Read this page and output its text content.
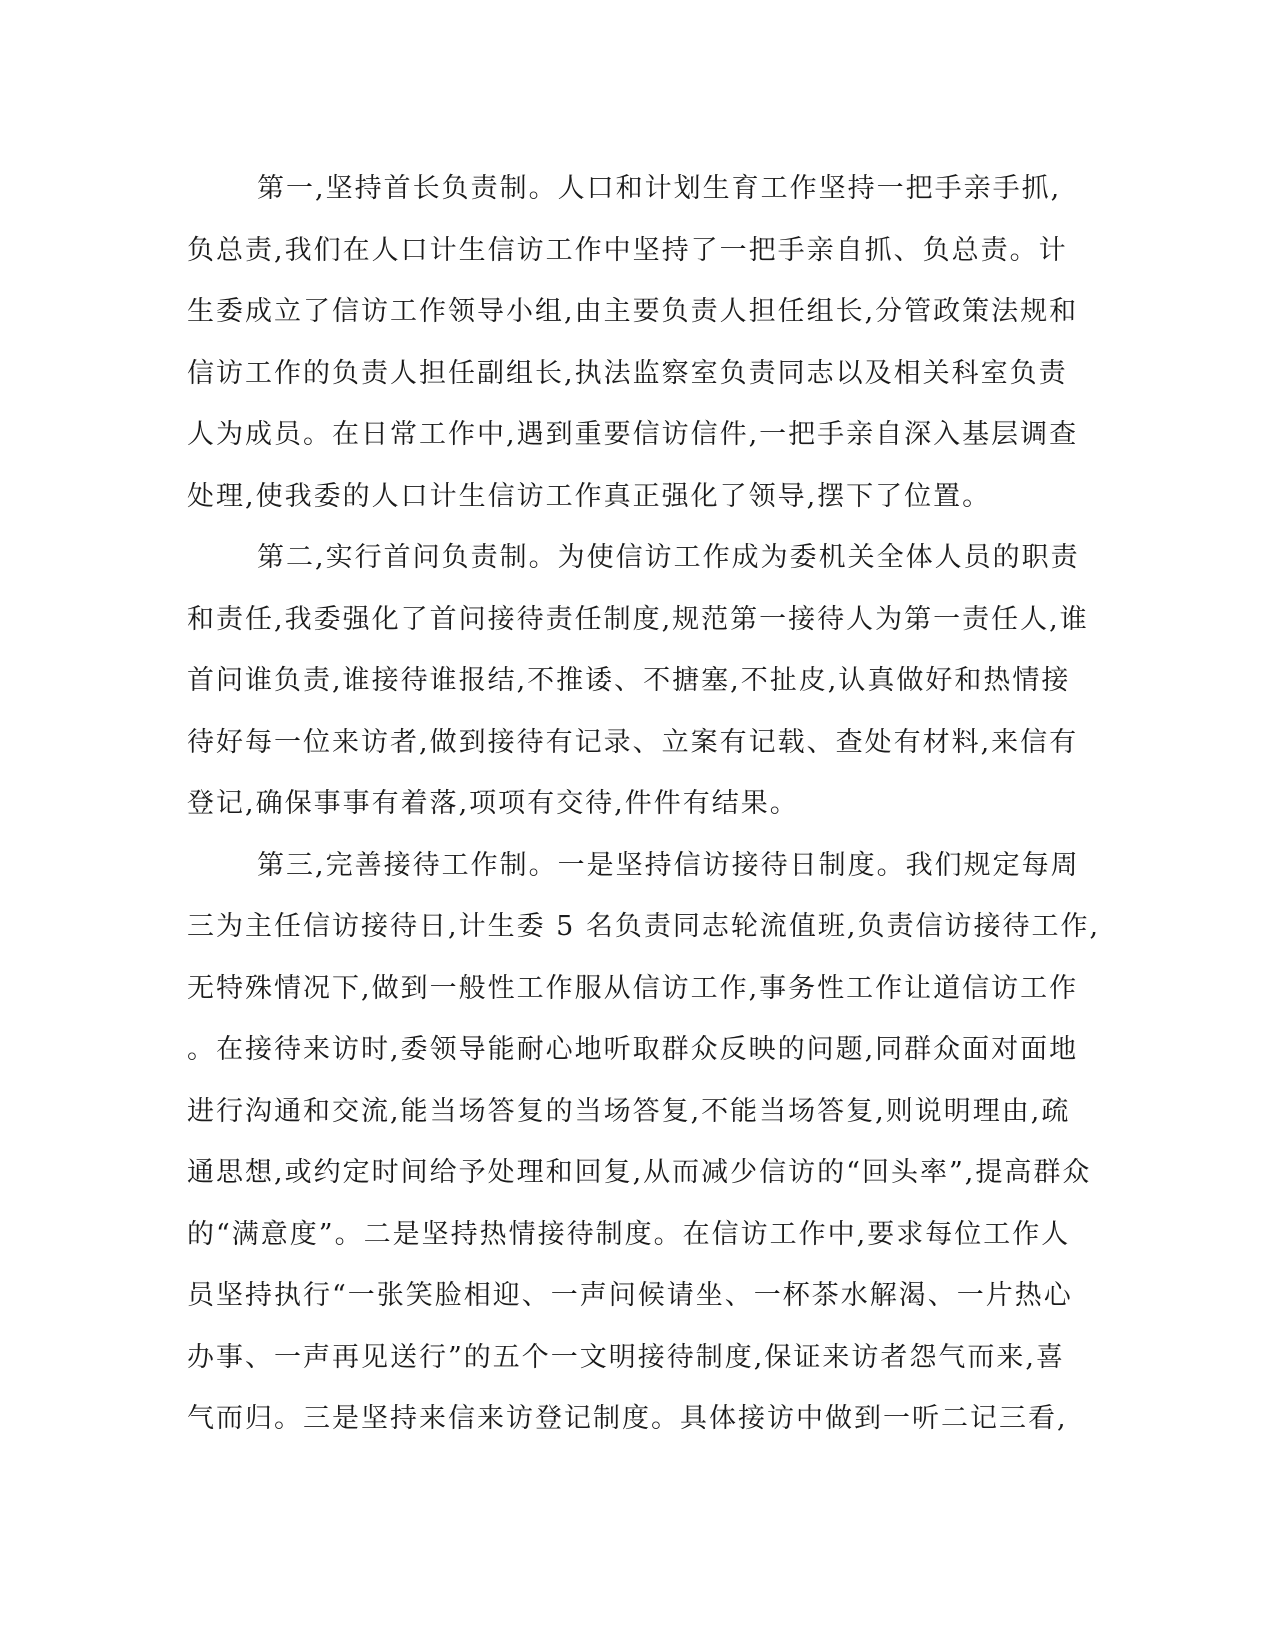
第一,坚持首长负责制。人口和计划生育工作坚持一把手亲手抓,
负总责,我们在人口计生信访工作中坚持了一把手亲自抓、负总责。计
生委成立了信访工作领导小组,由主要负责人担任组长,分管政策法规和
信访工作的负责人担任副组长,执法监察室负责同志以及相关科室负责
人为成员。在日常工作中,遇到重要信访信件,一把手亲自深入基层调查
处理,使我委的人口计生信访工作真正强化了领导,摆下了位置。
第二,实行首问负责制。为使信访工作成为委机关全体人员的职责
和责任,我委强化了首问接待责任制度,规范第一接待人为第一责任人,谁
首问谁负责,谁接待谁报结,不推诿、不搪塞,不扯皮,认真做好和热情接
待好每一位来访者,做到接待有记录、立案有记载、查处有材料,来信有
登记,确保事事有着落,项项有交待,件件有结果。
第三,完善接待工作制。一是坚持信访接待日制度。我们规定每周
三为主任信访接待日,计生委 5 名负责同志轮流值班,负责信访接待工作,
无特殊情况下,做到一般性工作服从信访工作,事务性工作让道信访工作
。在接待来访时,委领导能耐心地听取群众反映的问题,同群众面对面地
进行沟通和交流,能当场答复的当场答复,不能当场答复,则说明理由,疏
通思想,或约定时间给予处理和回复,从而减少信访的“回头率”,提高群众
的“满意度”。二是坚持热情接待制度。在信访工作中,要求每位工作人
员坚持执行“一张笑脸相迎、一声问候请坐、一杯茶水解渴、一片热心
办事、一声再见送行”的五个一文明接待制度,保证来访者怨气而来,喜
气而归。三是坚持来信来访登记制度。具体接访中做到一听二记三看,
